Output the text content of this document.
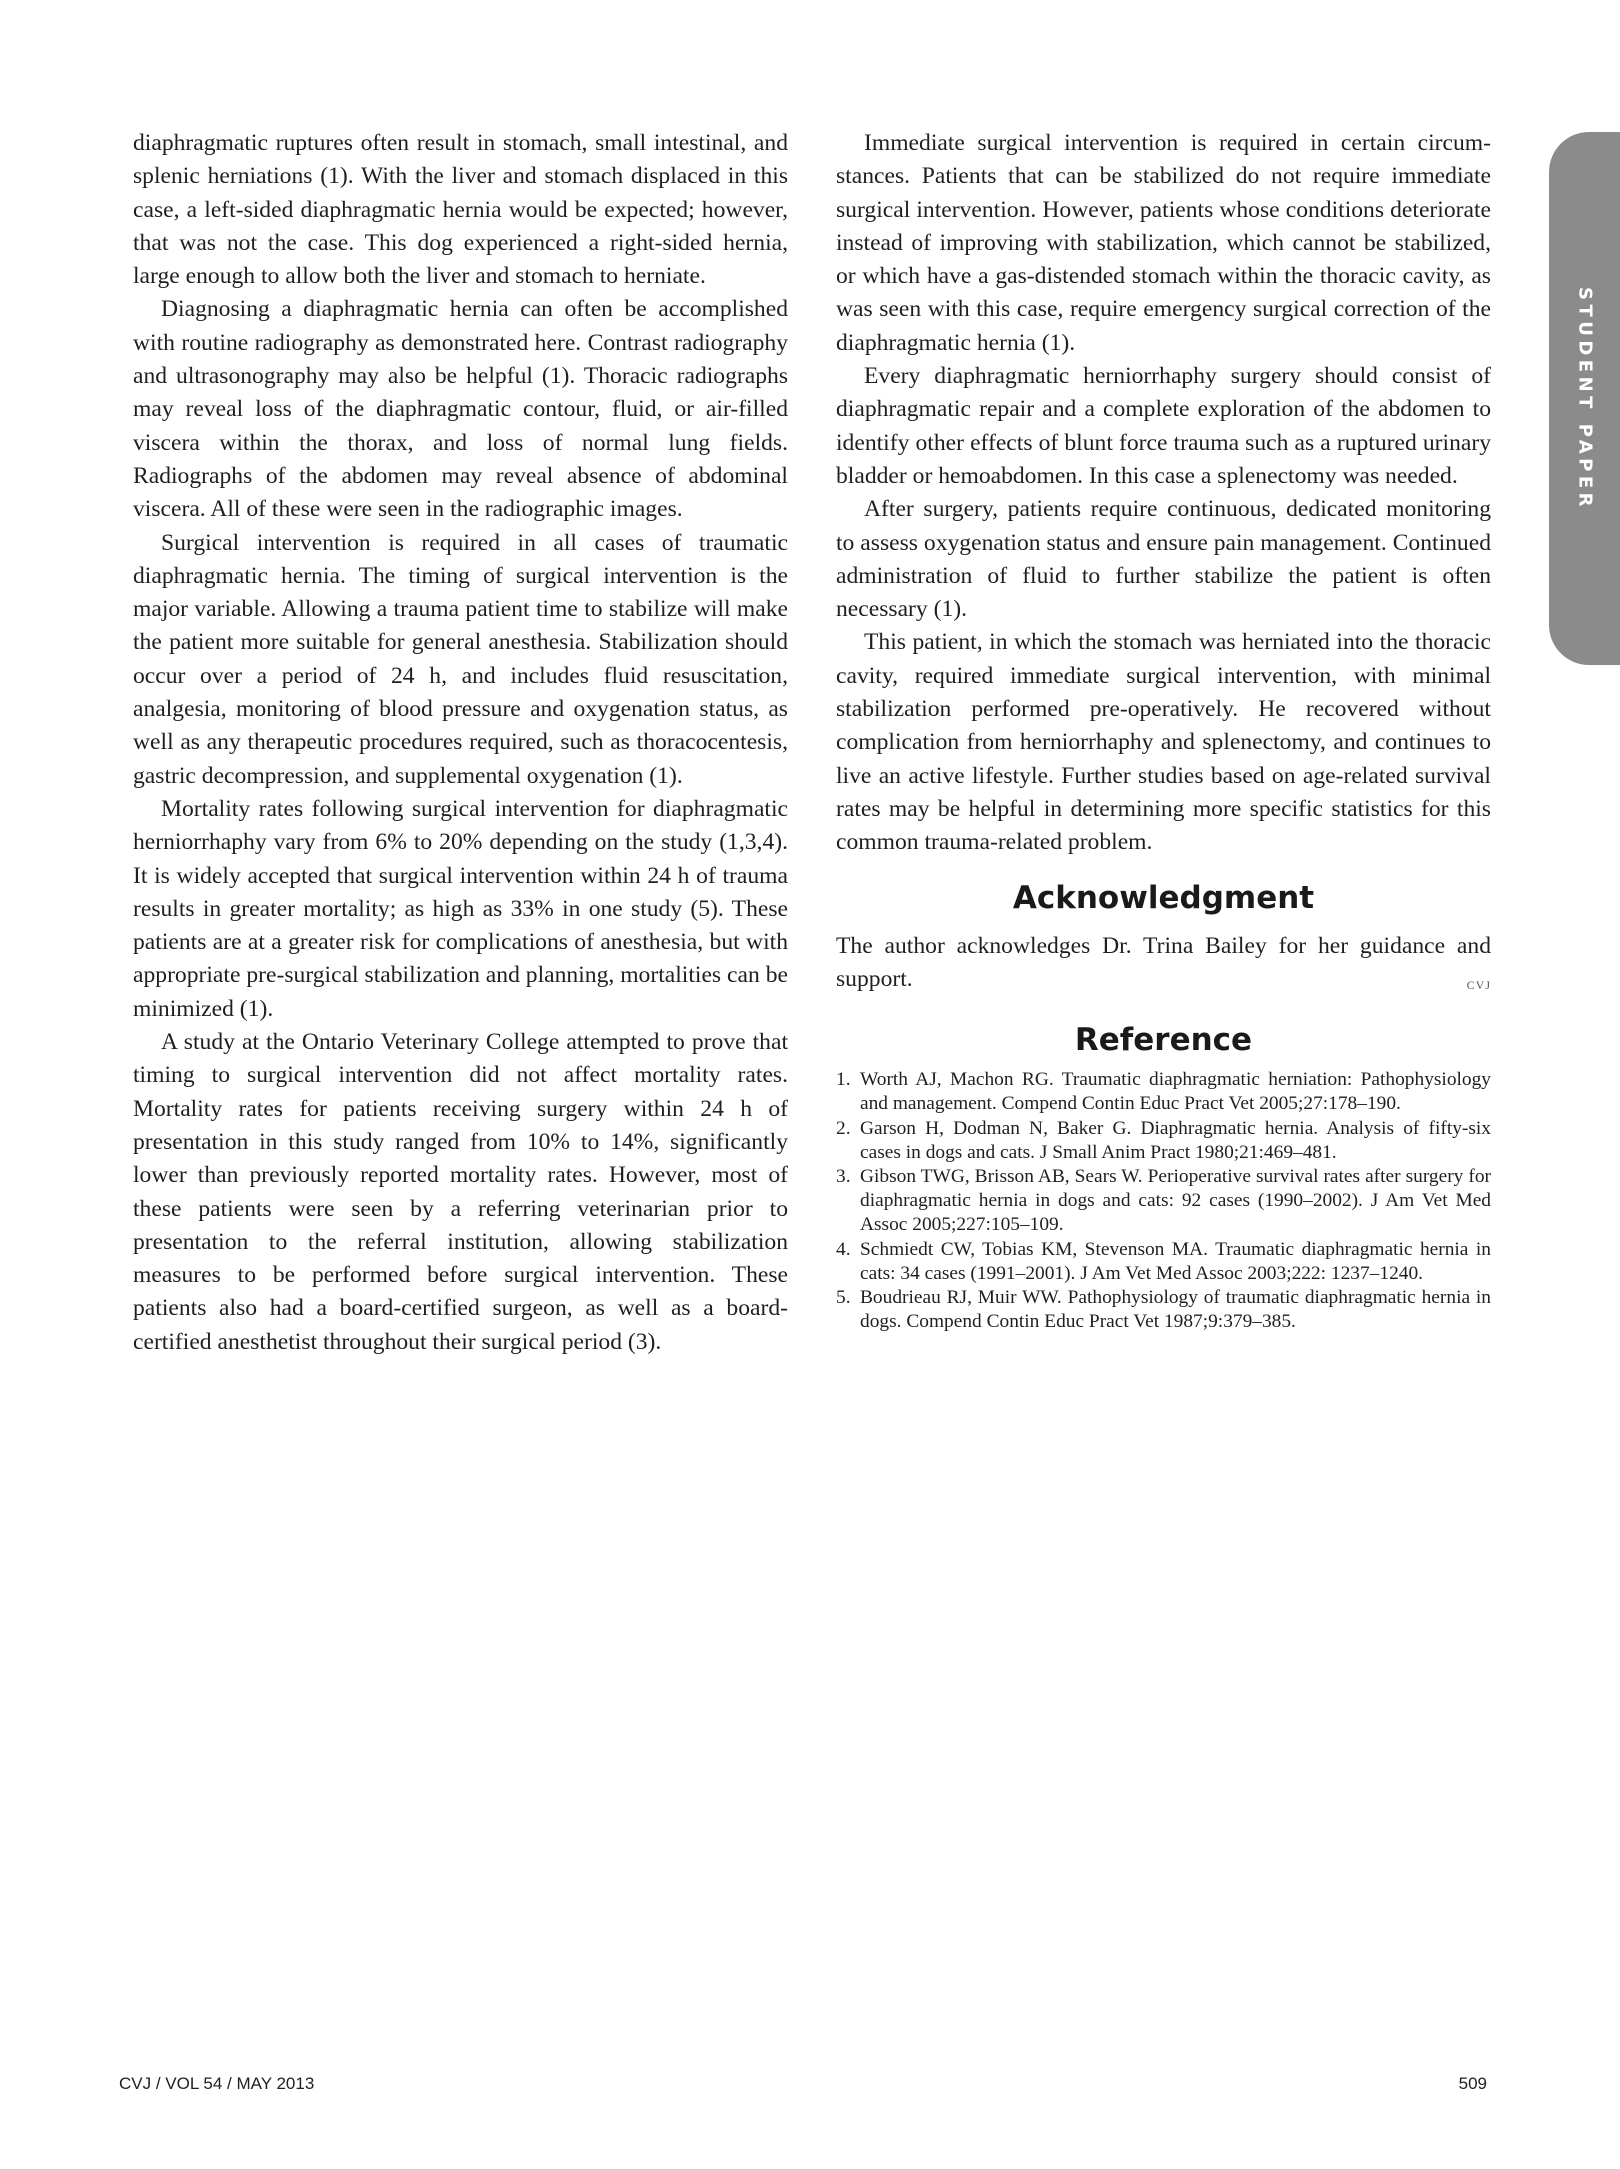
STUDENT PAPER

diaphragmatic ruptures often result in stomach, small intestinal, and splenic herniations (1). With the liver and stomach displaced in this case, a left-sided diaphragmatic hernia would be expected; however, that was not the case. This dog experienced a right-sided hernia, large enough to allow both the liver and stomach to herniate.

Diagnosing a diaphragmatic hernia can often be accomplished with routine radiography as demonstrated here. Contrast radiography and ultrasonography may also be helpful (1). Thoracic radiographs may reveal loss of the diaphragmatic contour, fluid, or air-filled viscera within the thorax, and loss of normal lung fields. Radiographs of the abdomen may reveal absence of abdominal viscera. All of these were seen in the radiographic images.

Surgical intervention is required in all cases of traumatic diaphragmatic hernia. The timing of surgical intervention is the major variable. Allowing a trauma patient time to stabilize will make the patient more suitable for general anesthesia. Stabilization should occur over a period of 24 h, and includes fluid resuscitation, analgesia, monitoring of blood pressure and oxygenation status, as well as any therapeutic procedures required, such as thoracocentesis, gastric decompression, and supplemental oxygenation (1).

Mortality rates following surgical intervention for diaphragmatic herniorrhaphy vary from 6% to 20% depending on the study (1,3,4). It is widely accepted that surgical intervention within 24 h of trauma results in greater mortality; as high as 33% in one study (5). These patients are at a greater risk for complications of anesthesia, but with appropriate pre-surgical stabilization and planning, mortalities can be minimized (1).

A study at the Ontario Veterinary College attempted to prove that timing to surgical intervention did not affect mortality rates. Mortality rates for patients receiving surgery within 24 h of presentation in this study ranged from 10% to 14%, significantly lower than previously reported mortality rates. However, most of these patients were seen by a referring veterinarian prior to presentation to the referral institution, allowing stabilization measures to be performed before surgical intervention. These patients also had a board-certified surgeon, as well as a board-certified anesthetist throughout their surgical period (3).

Immediate surgical intervention is required in certain circumstances. Patients that can be stabilized do not require immediate surgical intervention. However, patients whose conditions deteriorate instead of improving with stabilization, which cannot be stabilized, or which have a gas-distended stomach within the thoracic cavity, as was seen with this case, require emergency surgical correction of the diaphragmatic hernia (1).

Every diaphragmatic herniorrhaphy surgery should consist of diaphragmatic repair and a complete exploration of the abdomen to identify other effects of blunt force trauma such as a ruptured urinary bladder or hemoabdomen. In this case a splenectomy was needed.

After surgery, patients require continuous, dedicated monitoring to assess oxygenation status and ensure pain management. Continued administration of fluid to further stabilize the patient is often necessary (1).

This patient, in which the stomach was herniated into the thoracic cavity, required immediate surgical intervention, with minimal stabilization performed pre-operatively. He recovered without complication from herniorrhaphy and splenectomy, and continues to live an active lifestyle. Further studies based on age-related survival rates may be helpful in determining more specific statistics for this common trauma-related problem.

Acknowledgment

The author acknowledges Dr. Trina Bailey for her guidance and support.	CVJ

Reference
1. Worth AJ, Machon RG. Traumatic diaphragmatic herniation: Pathophysiology and management. Compend Contin Educ Pract Vet 2005;27:178–190.
2. Garson H, Dodman N, Baker G. Diaphragmatic hernia. Analysis of fifty-six cases in dogs and cats. J Small Anim Pract 1980;21:469–481.
3. Gibson TWG, Brisson AB, Sears W. Perioperative survival rates after surgery for diaphragmatic hernia in dogs and cats: 92 cases (1990–2002). J Am Vet Med Assoc 2005;227:105–109.
4. Schmiedt CW, Tobias KM, Stevenson MA. Traumatic diaphragmatic hernia in cats: 34 cases (1991–2001). J Am Vet Med Assoc 2003;222: 1237–1240.
5. Boudrieau RJ, Muir WW. Pathophysiology of traumatic diaphragmatic hernia in dogs. Compend Contin Educ Pract Vet 1987;9:379–385.
CVJ / VOL 54 / MAY 2013	509
